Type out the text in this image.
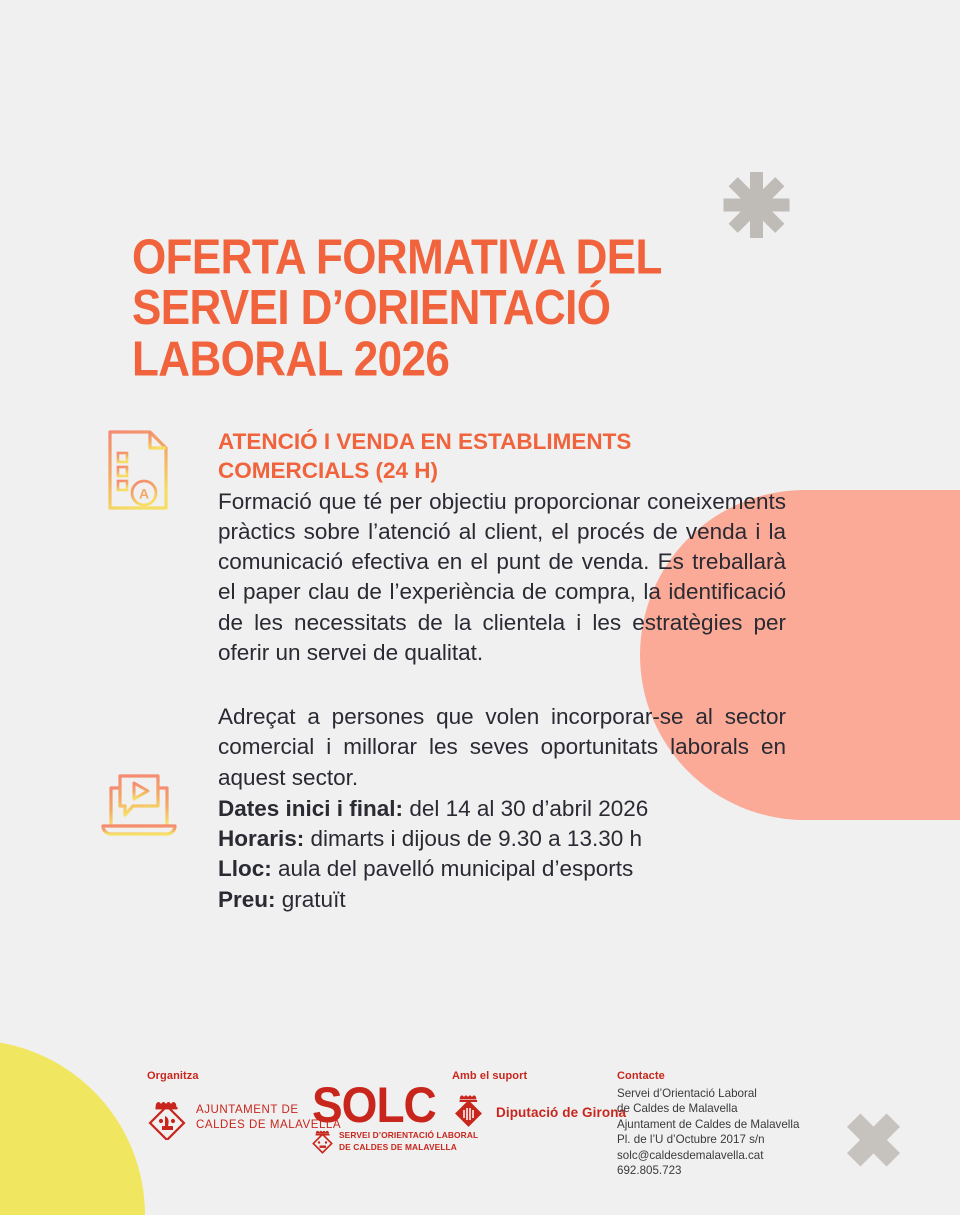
OFERTA FORMATIVA DEL
SERVEI D’ORIENTACIÓ
LABORAL 2026
A
ATENCIÓ I VENDA EN ESTABLIMENTS
COMERCIALS (24 H)
Formació que té per objectiu proporcionar coneixements pràctics sobre l’atenció al client, el procés de venda i la comunicació efectiva en el punt de venda. Es treballarà el paper clau de l’experiència de compra, la identificació de les necessitats de la clientela i les estratègies per oferir un servei de qualitat.
Adreçat a persones que volen incorporar-se al sector comercial i millorar les seves oportunitats laborals en aquest sector.
Dates inici i final: del 14 al 30 d’abril 2026
Horaris: dimarts i dijous de 9.30 a 13.30 h
Lloc: aula del pavelló municipal d’esports
Preu: gratuït
Organitza
AJUNTAMENT DE
CALDES DE MALAVELLA
SOLC
SERVEI D’ORIENTACIÓ LABORAL
DE CALDES DE MALAVELLA
Amb el suport
Diputació de Girona
Contacte
Servei d’Orientació Laboral
de Caldes de Malavella
Ajuntament de Caldes de Malavella
Pl. de l’U d’Octubre 2017 s/n
solc@caldesdemalavella.cat
692.805.723
